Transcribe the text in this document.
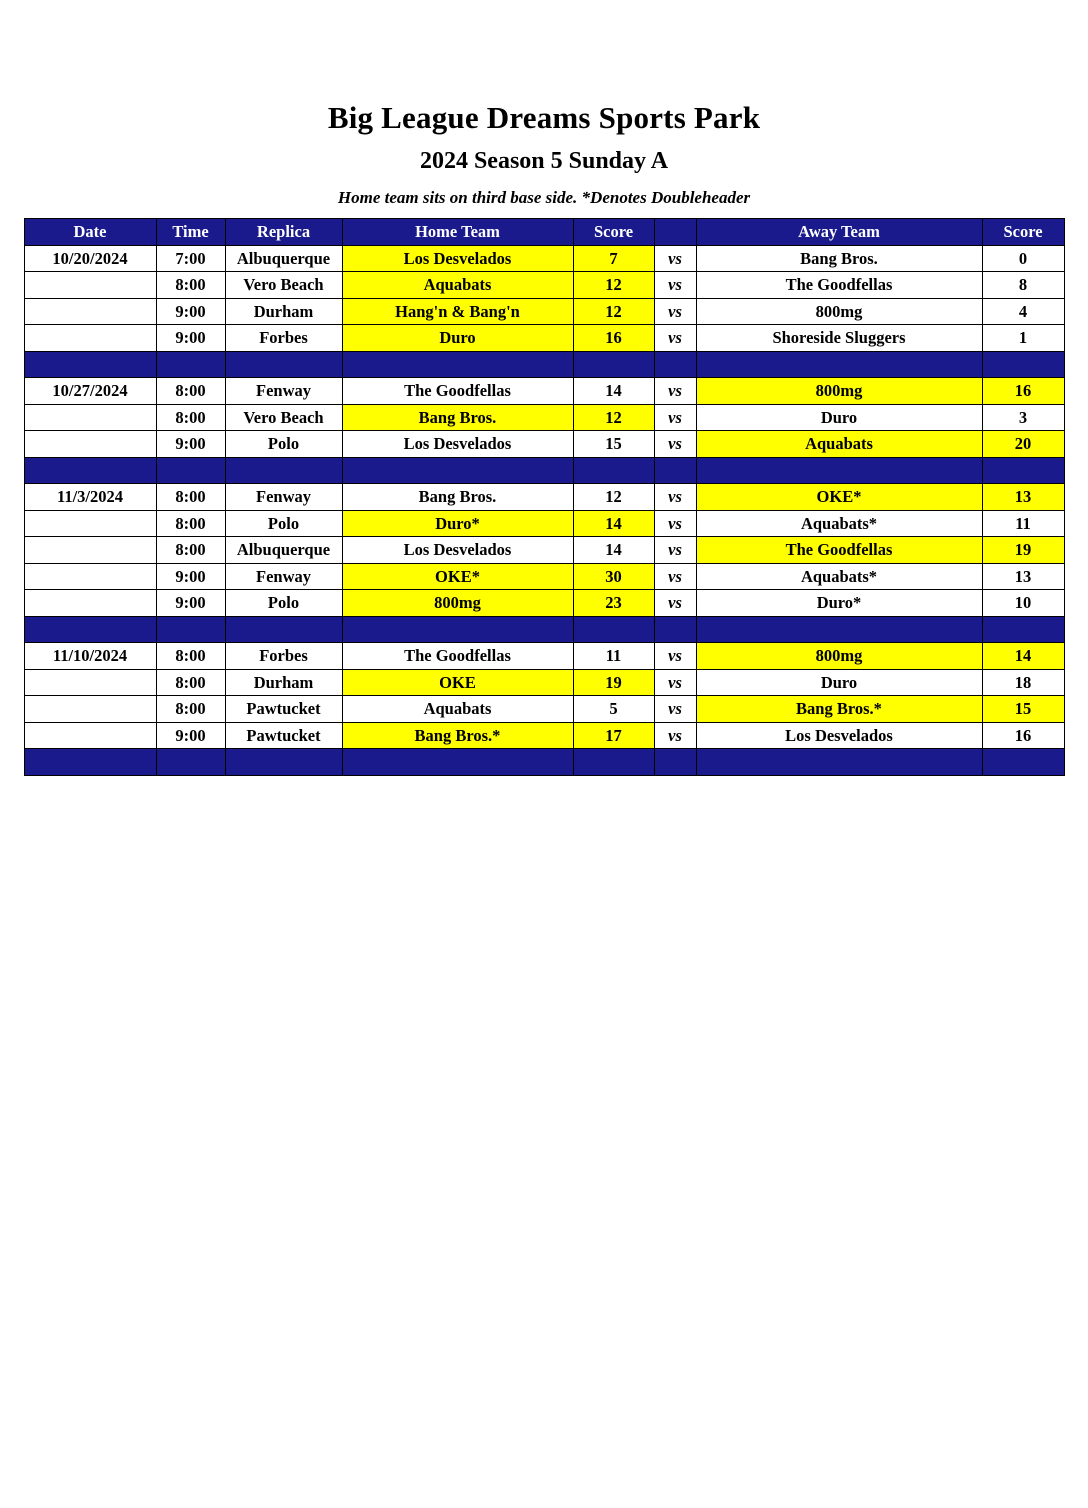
Big League Dreams Sports Park
2024 Season 5 Sunday A
Home team sits on third base side. *Denotes Doubleheader
Date	Time	Replica	Home Team	Score		Away Team	Score
10/20/2024	7:00	Albuquerque	Los Desvelados	7	vs	Bang Bros.	0
	8:00	Vero Beach	Aquabats	12	vs	The Goodfellas	8
	9:00	Durham	Hang'n & Bang'n	12	vs	800mg	4
	9:00	Forbes	Duro	16	vs	Shoreside Sluggers	1

10/27/2024	8:00	Fenway	The Goodfellas	14	vs	800mg	16
	8:00	Vero Beach	Bang Bros.	12	vs	Duro	3
	9:00	Polo	Los Desvelados	15	vs	Aquabats	20

11/3/2024	8:00	Fenway	Bang Bros.	12	vs	OKE*	13
	8:00	Polo	Duro*	14	vs	Aquabats*	11
	8:00	Albuquerque	Los Desvelados	14	vs	The Goodfellas	19
	9:00	Fenway	OKE*	30	vs	Aquabats*	13
	9:00	Polo	800mg	23	vs	Duro*	10

11/10/2024	8:00	Forbes	The Goodfellas	11	vs	800mg	14
	8:00	Durham	OKE	19	vs	Duro	18
	8:00	Pawtucket	Aquabats	5	vs	Bang Bros.*	15
	9:00	Pawtucket	Bang Bros.*	17	vs	Los Desvelados	16
